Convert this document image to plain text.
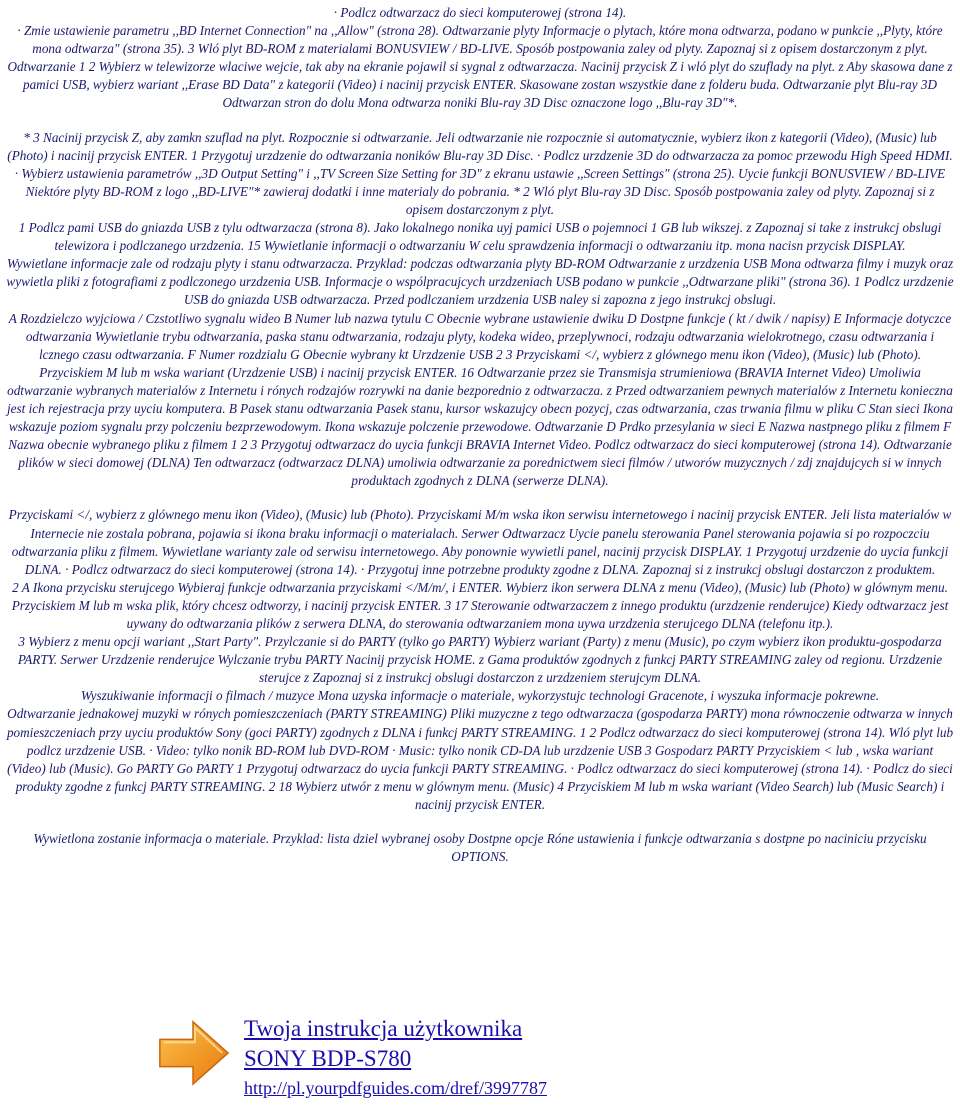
· Podlcz odtwarzacz do sieci komputerowej (strona 14).

· Zmie ustawienie parametru ,,BD Internet Connection" na ,,Allow" (strona 28). Odtwarzanie plyty Informacje o plytach, które mona odtwarza, podano w punkcie ,,Plyty, które mona odtwarza" (strona 35). 3 Wló plyt BD-ROM z materialami BONUSVIEW / BD-LIVE. Sposób postpowania zaley od plyty. Zapoznaj si z opisem dostarczonym z plyt. Odtwarzanie 1 2 Wybierz w telewizorze wlaciwe wejcie, tak aby na ekranie pojawil si sygnal z odtwarzacza. Nacinij przycisk Z i wló plyt do szuflady na plyt. z Aby skasowa dane z pamici USB, wybierz wariant ,,Erase BD Data" z kategorii (Video) i nacinij przycisk ENTER. Skasowane zostan wszystkie dane z folderu buda. Odtwarzanie plyt Blu-ray 3D Odtwarzan stron do dolu Mona odtwarza noniki Blu-ray 3D Disc oznaczone logo ,,Blu-ray 3D"*.

* 3 Nacinij przycisk Z, aby zamkn szuflad na plyt. Rozpocznie si odtwarzanie. Jeli odtwarzanie nie rozpocznie si automatycznie, wybierz ikon z kategorii (Video), (Music) lub (Photo) i nacinij przycisk ENTER. 1 Przygotuj urzdzenie do odtwarzania noników Blu-ray 3D Disc. · Podlcz urzdzenie 3D do odtwarzacza za pomoc przewodu High Speed HDMI. · Wybierz ustawienia parametrów ,,3D Output Setting" i ,,TV Screen Size Setting for 3D" z ekranu ustawie ,,Screen Settings" (strona 25). Uycie funkcji BONUSVIEW / BD-LIVE Niektóre plyty BD-ROM z logo ,,BD-LIVE"* zawieraj dodatki i inne materialy do pobrania. * 2 Wló plyt Blu-ray 3D Disc. Sposób postpowania zaley od plyty. Zapoznaj si z opisem dostarczonym z plyt.

1 Podlcz pami USB do gniazda USB z tylu odtwarzacza (strona 8). Jako lokalnego nonika uyj pamici USB o pojemnoci 1 GB lub wikszej. z Zapoznaj si take z instrukcj obslugi telewizora i podlczanego urzdzenia. 15 Wywietlanie informacji o odtwarzaniu W celu sprawdzenia informacji o odtwarzaniu itp. mona nacisn przycisk DISPLAY.

Wywietlane informacje zale od rodzaju plyty i stanu odtwarzacza. Przyklad: podczas odtwarzania plyty BD-ROM Odtwarzanie z urzdzenia USB Mona odtwarza filmy i muzyk oraz wywietla pliki z fotografiami z podlczonego urzdzenia USB. Informacje o wspólpracujcych urzdzeniach USB podano w punkcie ,,Odtwarzane pliki" (strona 36). 1 Podlcz urzdzenie USB do gniazda USB odtwarzacza. Przed podlczaniem urzdzenia USB naley si zapozna z jego instrukcj obslugi.

A Rozdzielczo wyjciowa / Czstotliwo sygnalu wideo B Numer lub nazwa tytulu C Obecnie wybrane ustawienie dwiku D Dostpne funkcje ( kt / dwik / napisy) E Informacje dotyczce odtwarzania Wywietlanie trybu odtwarzania, paska stanu odtwarzania, rodzaju plyty, kodeka wideo, przeplywnoci, rodzaju odtwarzania wielokrotnego, czasu odtwarzania i lcznego czasu odtwarzania. F Numer rozdzialu G Obecnie wybrany kt Urzdzenie USB 2 3 Przyciskami </, wybierz z glównego menu ikon (Video), (Music) lub (Photo). Przyciskiem M lub m wska wariant (Urzdzenie USB) i nacinij przycisk ENTER. 16 Odtwarzanie przez sie Transmisja strumieniowa (BRAVIA Internet Video) Umoliwia odtwarzanie wybranych materialów z Internetu i rónych rodzajów rozrywki na danie bezporednio z odtwarzacza. z Przed odtwarzaniem pewnych materialów z Internetu konieczna jest ich rejestracja przy uyciu komputera. B Pasek stanu odtwarzania Pasek stanu, kursor wskazujcy obecn pozycj, czas odtwarzania, czas trwania filmu w pliku C Stan sieci Ikona wskazuje poziom sygnalu przy polczeniu bezprzewodowym. Ikona wskazuje polczenie przewodowe. Odtwarzanie D Prdko przesylania w sieci E Nazwa nastpnego pliku z filmem F Nazwa obecnie wybranego pliku z filmem 1 2 3 Przygotuj odtwarzacz do uycia funkcji BRAVIA Internet Video. Podlcz odtwarzacz do sieci komputerowej (strona 14). Odtwarzanie plików w sieci domowej (DLNA) Ten odtwarzacz (odtwarzacz DLNA) umoliwia odtwarzanie za porednictwem sieci filmów / utworów muzycznych / zdj znajdujcych si w innych produktach zgodnych z DLNA (serwerze DLNA).

Przyciskami </, wybierz z glównego menu ikon (Video), (Music) lub (Photo). Przyciskami M/m wska ikon serwisu internetowego i nacinij przycisk ENTER. Jeli lista materialów w Internecie nie zostala pobrana, pojawia si ikona braku informacji o materialach. Serwer Odtwarzacz Uycie panelu sterowania Panel sterowania pojawia si po rozpoczciu odtwarzania pliku z filmem. Wywietlane warianty zale od serwisu internetowego. Aby ponownie wywietli panel, nacinij przycisk DISPLAY. 1 Przygotuj urzdzenie do uycia funkcji DLNA. · Podlcz odtwarzacz do sieci komputerowej (strona 14). · Przygotuj inne potrzebne produkty zgodne z DLNA. Zapoznaj si z instrukcj obslugi dostarczon z produktem.

2 A Ikona przycisku sterujcego Wybieraj funkcje odtwarzania przyciskami </M/m/, i ENTER. Wybierz ikon serwera DLNA z menu (Video), (Music) lub (Photo) w glównym menu. Przyciskiem M lub m wska plik, który chcesz odtworzy, i nacinij przycisk ENTER. 3 17 Sterowanie odtwarzaczem z innego produktu (urzdzenie renderujce) Kiedy odtwarzacz jest uywany do odtwarzania plików z serwera DLNA, do sterowania odtwarzaniem mona uywa urzdzenia sterujcego DLNA (telefonu itp.).

3 Wybierz z menu opcji wariant ,,Start Party". Przylczanie si do PARTY (tylko go PARTY) Wybierz wariant (Party) z menu (Music), po czym wybierz ikon produktu-gospodarza PARTY. Serwer Urzdzenie renderujce Wylczanie trybu PARTY Nacinij przycisk HOME. z Gama produktów zgodnych z funkcj PARTY STREAMING zaley od regionu. Urzdzenie sterujce z Zapoznaj si z instrukcj obslugi dostarczon z urzdzeniem sterujcym DLNA.

Wyszukiwanie informacji o filmach / muzyce Mona uzyska informacje o materiale, wykorzystujc technologi Gracenote, i wyszuka informacje pokrewne.

Odtwarzanie jednakowej muzyki w rónych pomieszczeniach (PARTY STREAMING) Pliki muzyczne z tego odtwarzacza (gospodarza PARTY) mona równoczenie odtwarza w innych pomieszczeniach przy uyciu produktów Sony (goci PARTY) zgodnych z DLNA i funkcj PARTY STREAMING. 1 2 Podlcz odtwarzacz do sieci komputerowej (strona 14). Wló plyt lub podlcz urzdzenie USB. · Video: tylko nonik BD-ROM lub DVD-ROM · Music: tylko nonik CD-DA lub urzdzenie USB 3 Gospodarz PARTY Przyciskiem < lub , wska wariant (Video) lub (Music). Go PARTY Go PARTY 1 Przygotuj odtwarzacz do uycia funkcji PARTY STREAMING. · Podlcz odtwarzacz do sieci komputerowej (strona 14). · Podlcz do sieci produkty zgodne z funkcj PARTY STREAMING. 2 18 Wybierz utwór z menu w glównym menu. (Music) 4 Przyciskiem M lub m wska wariant (Video Search) lub (Music Search) i nacinij przycisk ENTER.

Wywietlona zostanie informacja o materiale. Przyklad: lista dziel wybranej osoby Dostpne opcje Róne ustawienia i funkcje odtwarzania s dostpne po naciniciu przycisku OPTIONS.

Twoja instrukcja użytkownika
SONY BDP-S780
http://pl.yourpdfguides.com/dref/3997787
